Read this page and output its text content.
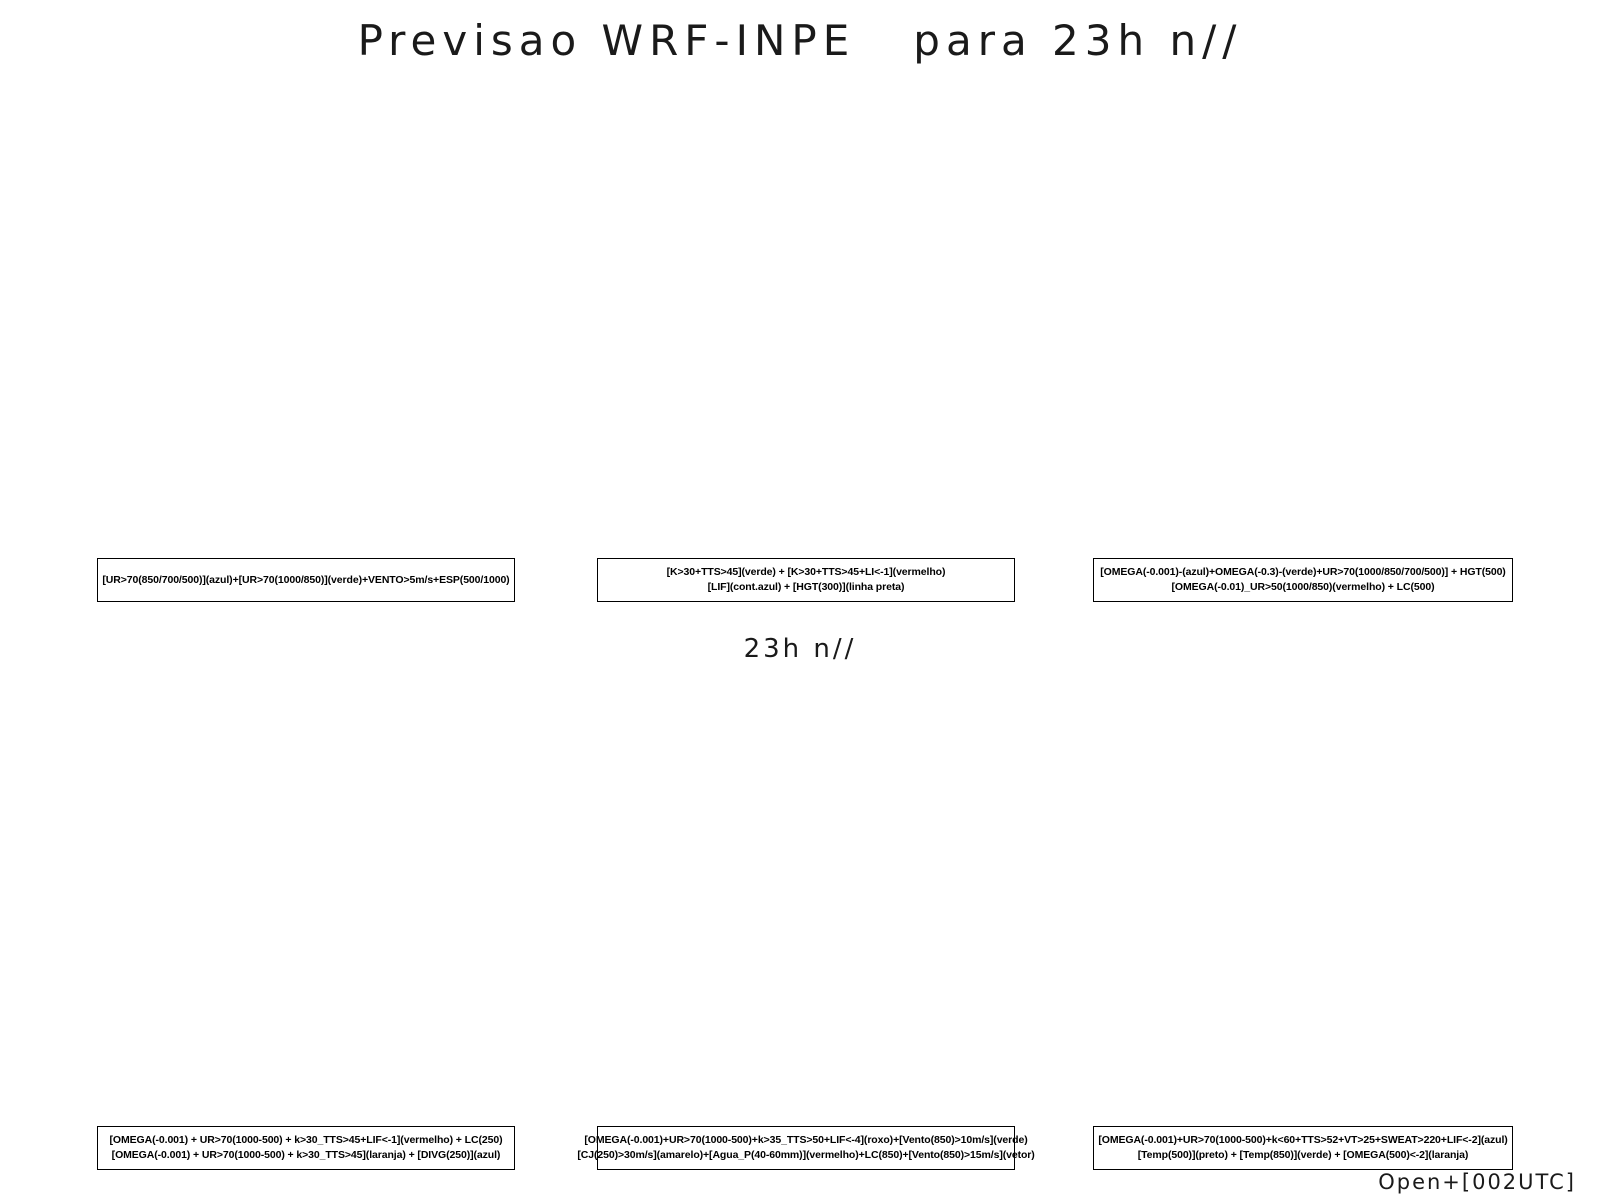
Previsao WRF-INPE   para 23h n//
[UR>70(850/700/500)](azul)+[UR>70(1000/850)](verde)+VENTO>5m/s+ESP(500/1000)
[K>30+TTS>45](verde) + [K>30+TTS>45+LI<-1](vermelho)
[LIF](cont.azul) + [HGT(300)](linha preta)
[OMEGA(-0.001)-(azul)+OMEGA(-0.3)-(verde)+UR>70(1000/850/700/500)] + HGT(500)
[OMEGA(-0.01)_UR>50(1000/850)(vermelho) + LC(500)
23h n//
[OMEGA(-0.001) + UR>70(1000-500) + k>30_TTS>45+LIF<-1](vermelho) + LC(250)
[OMEGA(-0.001) + UR>70(1000-500) + k>30_TTS>45](laranja) + [DIVG(250)](azul)
[OMEGA(-0.001)+UR>70(1000-500)+k>35_TTS>50+LIF<-4](roxo)+[Vento(850)>10m/s](verde)
[CJ(250)>30m/s](amarelo)+[Agua_P(40-60mm)](vermelho)+LC(850)+[Vento(850)>15m/s](vetor)
[OMEGA(-0.001)+UR>70(1000-500)+k<60+TTS>52+VT>25+SWEAT>220+LIF<-2](azul)
[Temp(500)](preto) + [Temp(850)](verde) + [OMEGA(500)<-2](laranja)
Open+[002UTC]
